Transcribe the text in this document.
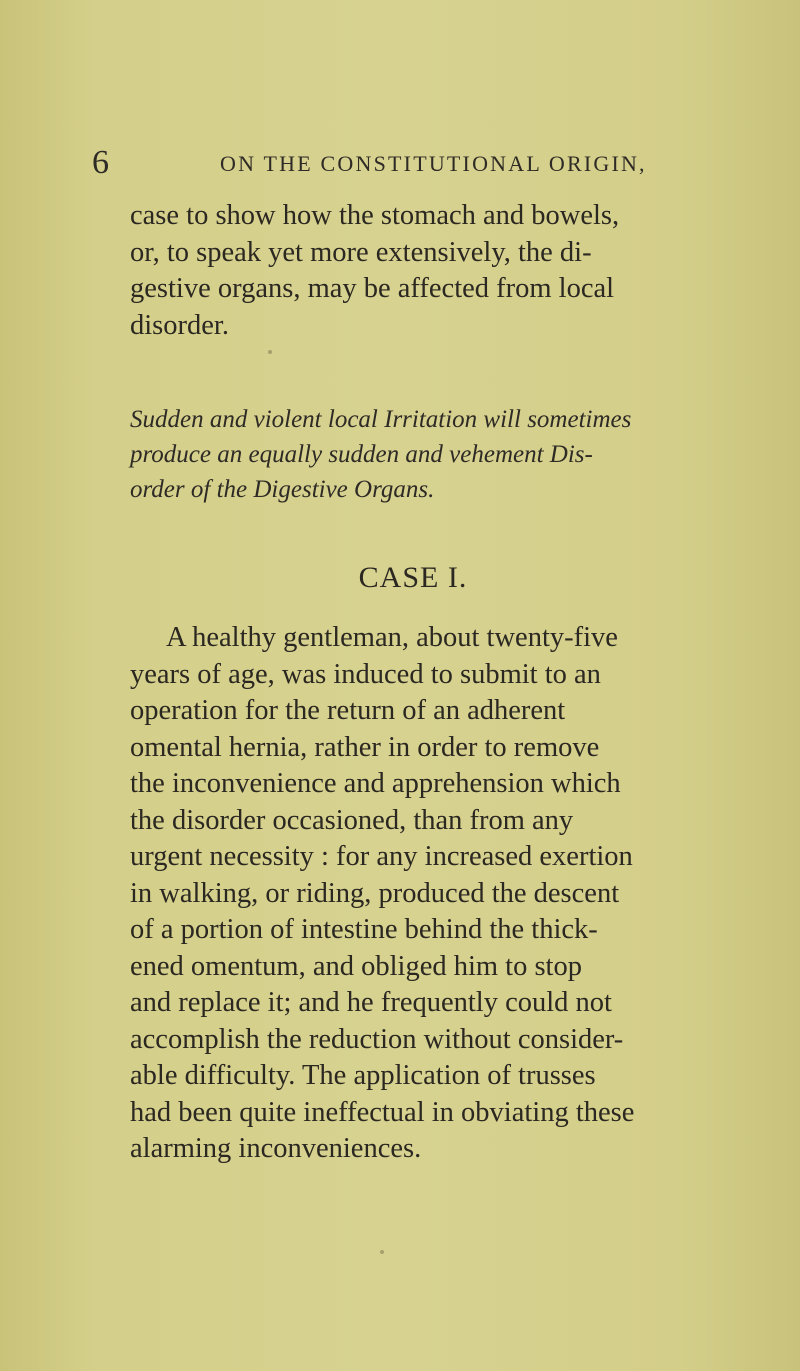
6	ON THE CONSTITUTIONAL ORIGIN,
case to show how the stomach and bowels,
or, to speak yet more extensively, the di-
gestive organs, may be affected from local
disorder.
Sudden and violent local Irritation will sometimes
produce an equally sudden and vehement Dis-
order of the Digestive Organs.
CASE I.
A healthy gentleman, about twenty-five
years of age, was induced to submit to an
operation for the return of an adherent
omental hernia, rather in order to remove
the inconvenience and apprehension which
the disorder occasioned, than from any
urgent necessity : for any increased exertion
in walking, or riding, produced the descent
of a portion of intestine behind the thick-
ened omentum, and obliged him to stop
and replace it; and he frequently could not
accomplish the reduction without consider-
able difficulty. The application of trusses
had been quite ineffectual in obviating these
alarming inconveniences.
